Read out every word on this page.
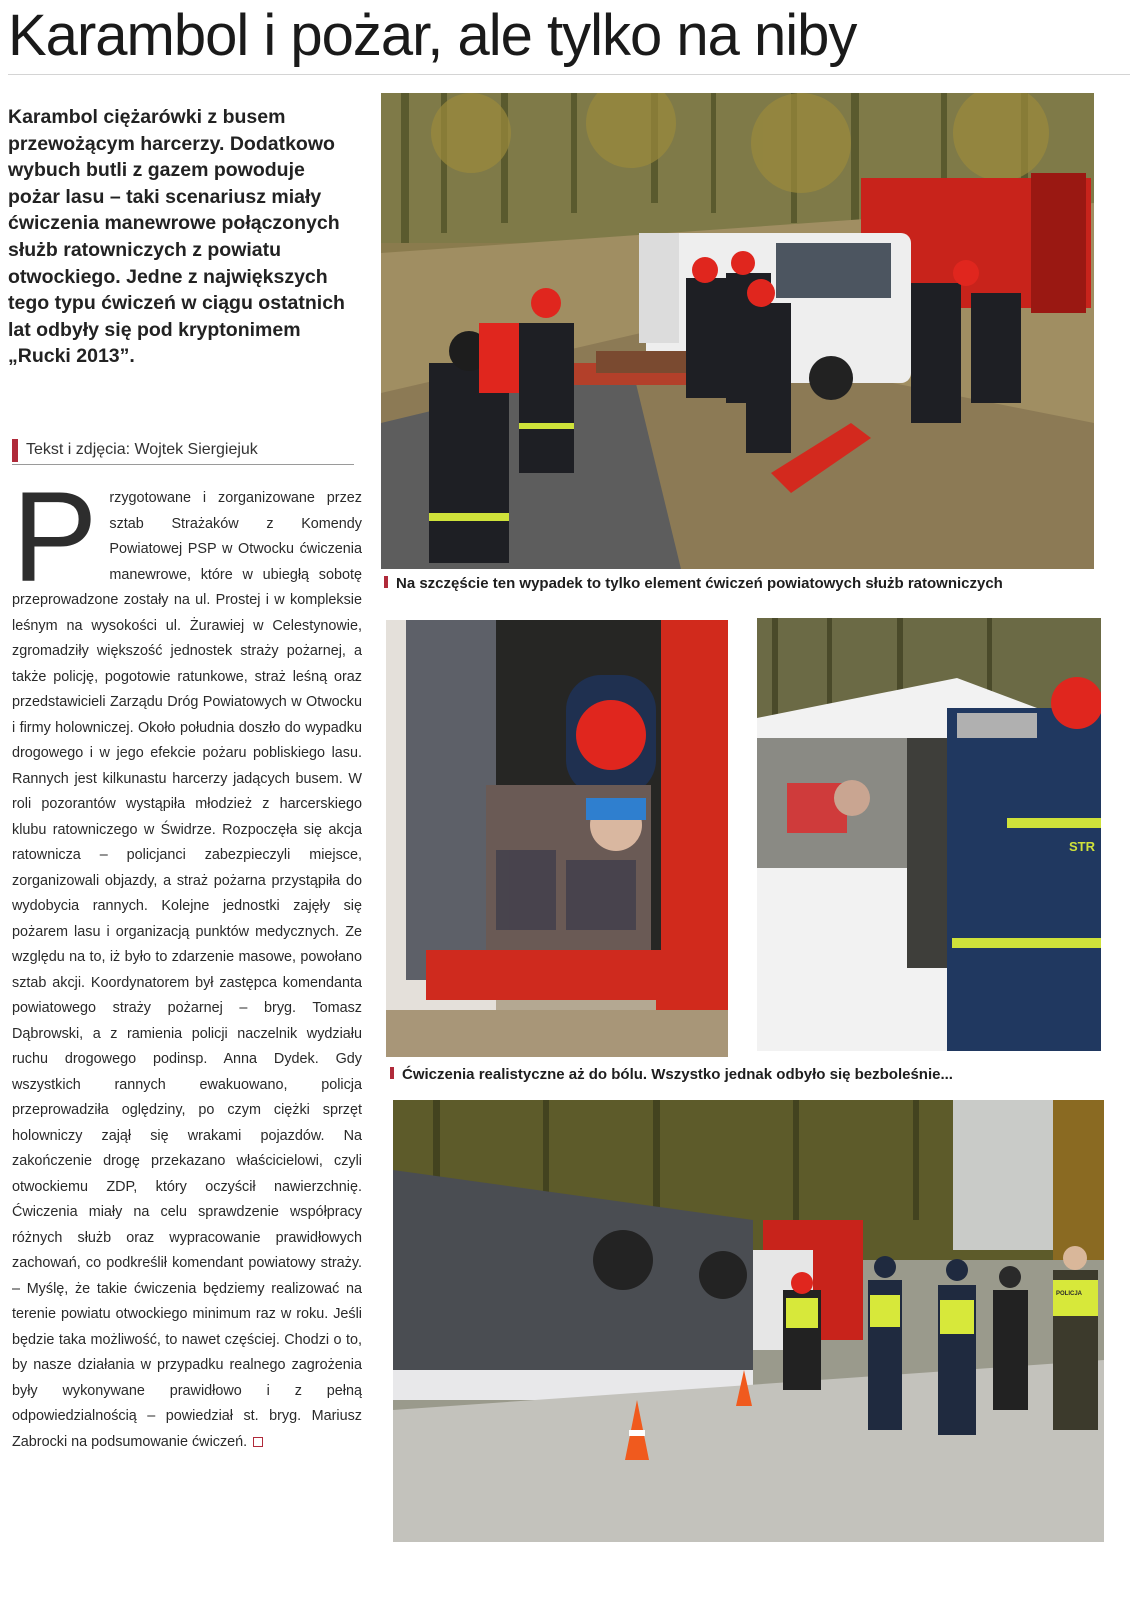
Karambol i pożar, ale tylko na niby

Karambol ciężarówki z busem przewożącym harcerzy. Dodatkowo wybuch butli z gazem powoduje pożar lasu – taki scenariusz miały ćwiczenia manewrowe połączonych służb ratowniczych z powiatu otwockiego. Jedne z największych tego typu ćwiczeń w ciągu ostatnich lat odbyły się pod kryptonimem „Rucki 2013”.

Tekst i zdjęcia: Wojtek Siergiejuk
Przygotowane i zorganizowane przez sztab Strażaków z Komendy Powiatowej PSP w Otwocku ćwiczenia manewrowe, które w ubiegłą sobotę przeprowadzone zostały na ul. Prostej i w kompleksie leśnym na wysokości ul. Żurawiej w Celestynowie, zgromadziły większość jednostek straży pożarnej, a także policję, pogotowie ratunkowe, straż leśną oraz przedstawicieli Zarządu Dróg Powiatowych w Otwocku i firmy holowniczej. Około południa doszło do wypadku drogowego i w jego efekcie pożaru pobliskiego lasu. Rannych jest kilkunastu harcerzy jadących busem. W roli pozorantów wystąpiła młodzież z harcerskiego klubu ratowniczego w Świdrze. Rozpoczęła się akcja ratownicza – policjanci zabezpieczyli miejsce, zorganizowali objazdy, a straż pożarna przystąpiła do wydobycia rannych. Kolejne jednostki zajęły się pożarem lasu i organizacją punktów medycznych. Ze względu na to, iż było to zdarzenie masowe, powołano sztab akcji. Koordynatorem był zastępca komendanta powiatowego straży pożarnej – bryg. Tomasz Dąbrowski, a z ramienia policji naczelnik wydziału ruchu drogowego podinsp. Anna Dydek. Gdy wszystkich rannych ewakuowano, policja przeprowadziła oględziny, po czym ciężki sprzęt holowniczy zajął się wrakami pojazdów. Na zakończenie drogę przekazano właścicielowi, czyli otwockiemu ZDP, który oczyścił nawierzchnię. Ćwiczenia miały na celu sprawdzenie współpracy różnych służb oraz wypracowanie prawidłowych zachowań, co podkreślił komendant powiatowy straży. – Myślę, że takie ćwiczenia będziemy realizować na terenie powiatu otwockiego minimum raz w roku. Jeśli będzie taka możliwość, to nawet częściej. Chodzi o to, by nasze działania w przypadku realnego zagrożenia były wykonywane prawidłowo i z pełną odpowiedzialnością – powiedział st. bryg. Mariusz Zabrocki na podsumowanie ćwiczeń.
Na szczęście ten wypadek to tylko element ćwiczeń powiatowych służb ratowniczych
STR
Ćwiczenia realistyczne aż do bólu. Wszystko jednak odbyło się bezboleśnie...
POLICJA
